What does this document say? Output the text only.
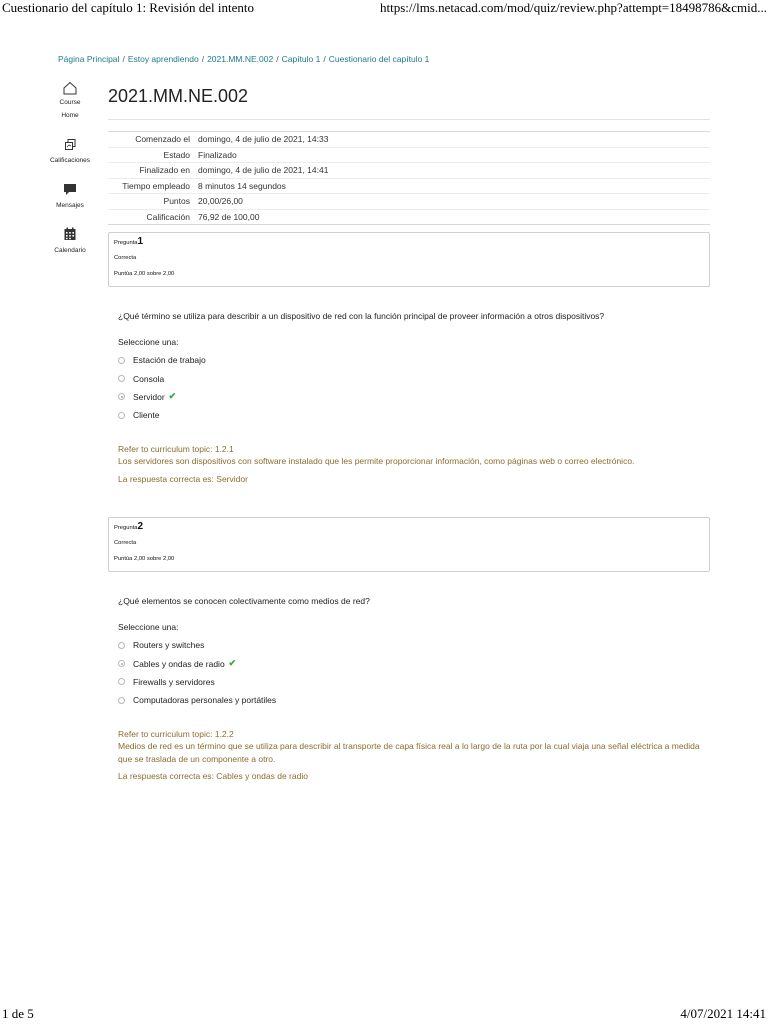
Cuestionario del capítulo 1: Revisión del intento	https://lms.netacad.com/mod/quiz/review.php?attempt=18498786&cmid...
Página Principal / Estoy aprendiendo / 2021.MM.NE.002 / Capítulo 1 / Cuestionario del capítulo 1
Course Home
Calificaciones
Mensajes
Calendario
2021.MM.NE.002
Comenzado el	domingo, 4 de julio de 2021, 14:33
Estado	Finalizado
Finalizado en	domingo, 4 de julio de 2021, 14:41
Tiempo empleado	8 minutos 14 segundos
Puntos	20,00/26,00
Calificación	76,92 de 100,00
Pregunta1
Correcta
Puntúa 2,00 sobre 2,00

¿Qué término se utiliza para describir a un dispositivo de red con la función principal de proveer información a otros dispositivos?

Seleccione una:

Estación de trabajo
Consola
Servidor ✔
Cliente
Refer to curriculum topic: 1.2.1
Los servidores son dispositivos con software instalado que les permite proporcionar información, como páginas web o correo electrónico.
La respuesta correcta es: Servidor
Pregunta2
Correcta
Puntúa 2,00 sobre 2,00

¿Qué elementos se conocen colectivamente como medios de red?

Seleccione una:

Routers y switches
Cables y ondas de radio ✔
Firewalls y servidores
Computadoras personales y portátiles
Refer to curriculum topic: 1.2.2
Medios de red es un término que se utiliza para describir al transporte de capa física real a lo largo de la ruta por la cual viaja una señal eléctrica a medida que se traslada de un componente a otro.
La respuesta correcta es: Cables y ondas de radio
1 de 5	4/07/2021 14:41
